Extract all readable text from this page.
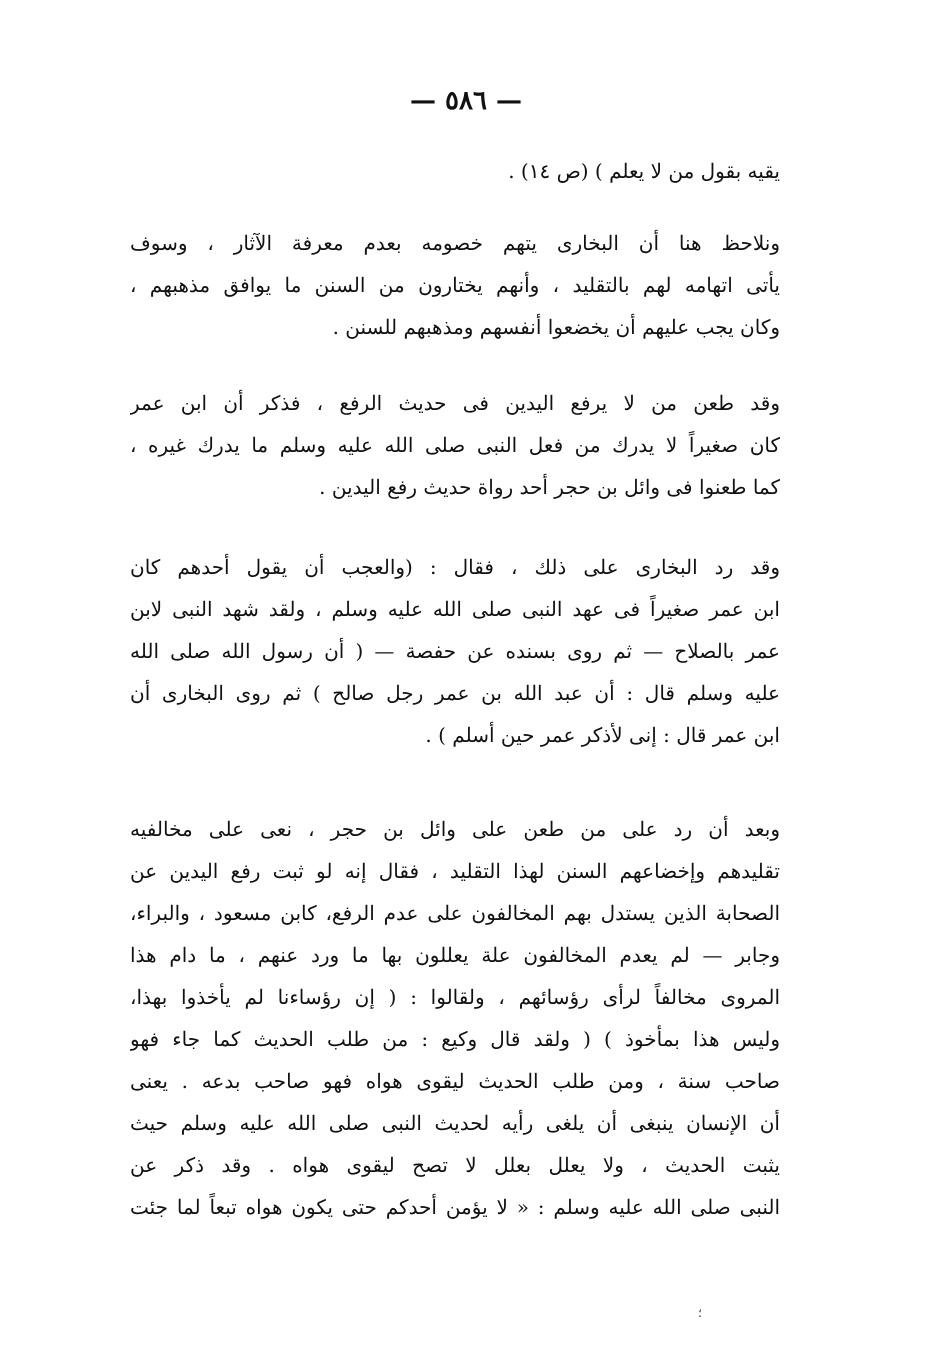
— ٥٨٦ —
يقيه بقول من لا يعلم ) (ص ١٤) .
ونلاحظ هنا أن البخارى يتهم خصومه بعدم معرفة الآثار ، وسوف
يأتى اتهامه لهم بالتقليد ، وأنهم يختارون من السنن ما يوافق مذهبهم ،
وكان يجب عليهم أن يخضعوا أنفسهم ومذهبهم للسنن .
وقد طعن من لا يرفع اليدين فى حديث الرفع ، فذكر أن ابن عمر
كان صغيراً لا يدرك من فعل النبى صلى الله عليه وسلم ما يدرك غيره ،
كما طعنوا فى وائل بن حجر أحد رواة حديث رفع اليدين .
وقد رد البخارى على ذلك ، فقال : (والعجب أن يقول أحدهم كان
ابن عمر صغيراً فى عهد النبى صلى الله عليه وسلم ، ولقد شهد النبى لابن
عمر بالصلاح — ثم روى بسنده عن حفصة — ( أن رسول الله صلى الله
عليه وسلم قال : أن عبد الله بن عمر رجل صالح ) ثم روى البخارى أن
ابن عمر قال : إنى لأذكر عمر حين أسلم ) .
وبعد أن رد على من طعن على وائل بن حجر ، نعى على مخالفيه
تقليدهم وإخضاعهم السنن لهذا التقليد ، فقال إنه لو ثبت رفع اليدين عن
الصحابة الذين يستدل بهم المخالفون على عدم الرفع، كابن مسعود ، والبراء،
وجابر — لم يعدم المخالفون علة يعللون بها ما ورد عنهم ، ما دام هذا
المروى مخالفاً لرأى رؤسائهم ، ولقالوا : ( إن رؤساءنا لم يأخذوا بهذا،
وليس هذا بمأخوذ ) ( ولقد قال وكيع : من طلب الحديث كما جاء فهو
صاحب سنة ، ومن طلب الحديث ليقوى هواه فهو صاحب بدعه . يعنى
أن الإنسان ينبغى أن يلغى رأيه لحديث النبى صلى الله عليه وسلم حيث
يثبت الحديث ، ولا يعلل بعلل لا تصح ليقوى هواه . وقد ذكر عن
النبى صلى الله عليه وسلم : « لا يؤمن أحدكم حتى يكون هواه تبعاً لما جئت
؛
